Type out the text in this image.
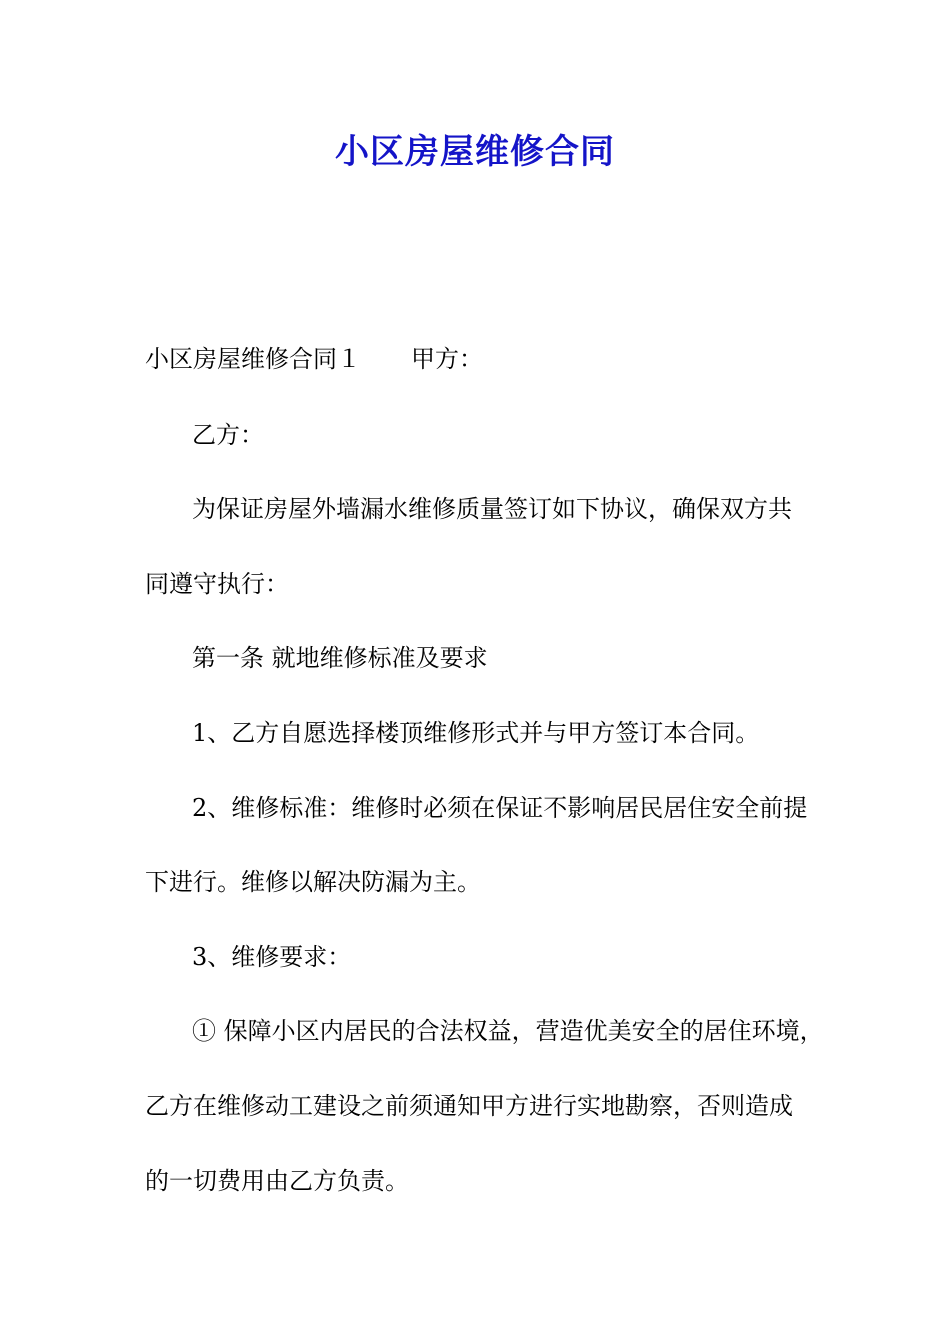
小区房屋维修合同
小区房屋维修合同１ 甲方：
乙方：
为保证房屋外墙漏水维修质量签订如下协议，确保双方共
同遵守执行：
第一条 就地维修标准及要求
1、乙方自愿选择楼顶维修形式并与甲方签订本合同。
2、维修标准：维修时必须在保证不影响居民居住安全前提
下进行。维修以解决防漏为主。
3、维修要求：
① 保障小区内居民的合法权益，营造优美安全的居住环境，
乙方在维修动工建设之前须通知甲方进行实地勘察，否则造成
的一切费用由乙方负责。
